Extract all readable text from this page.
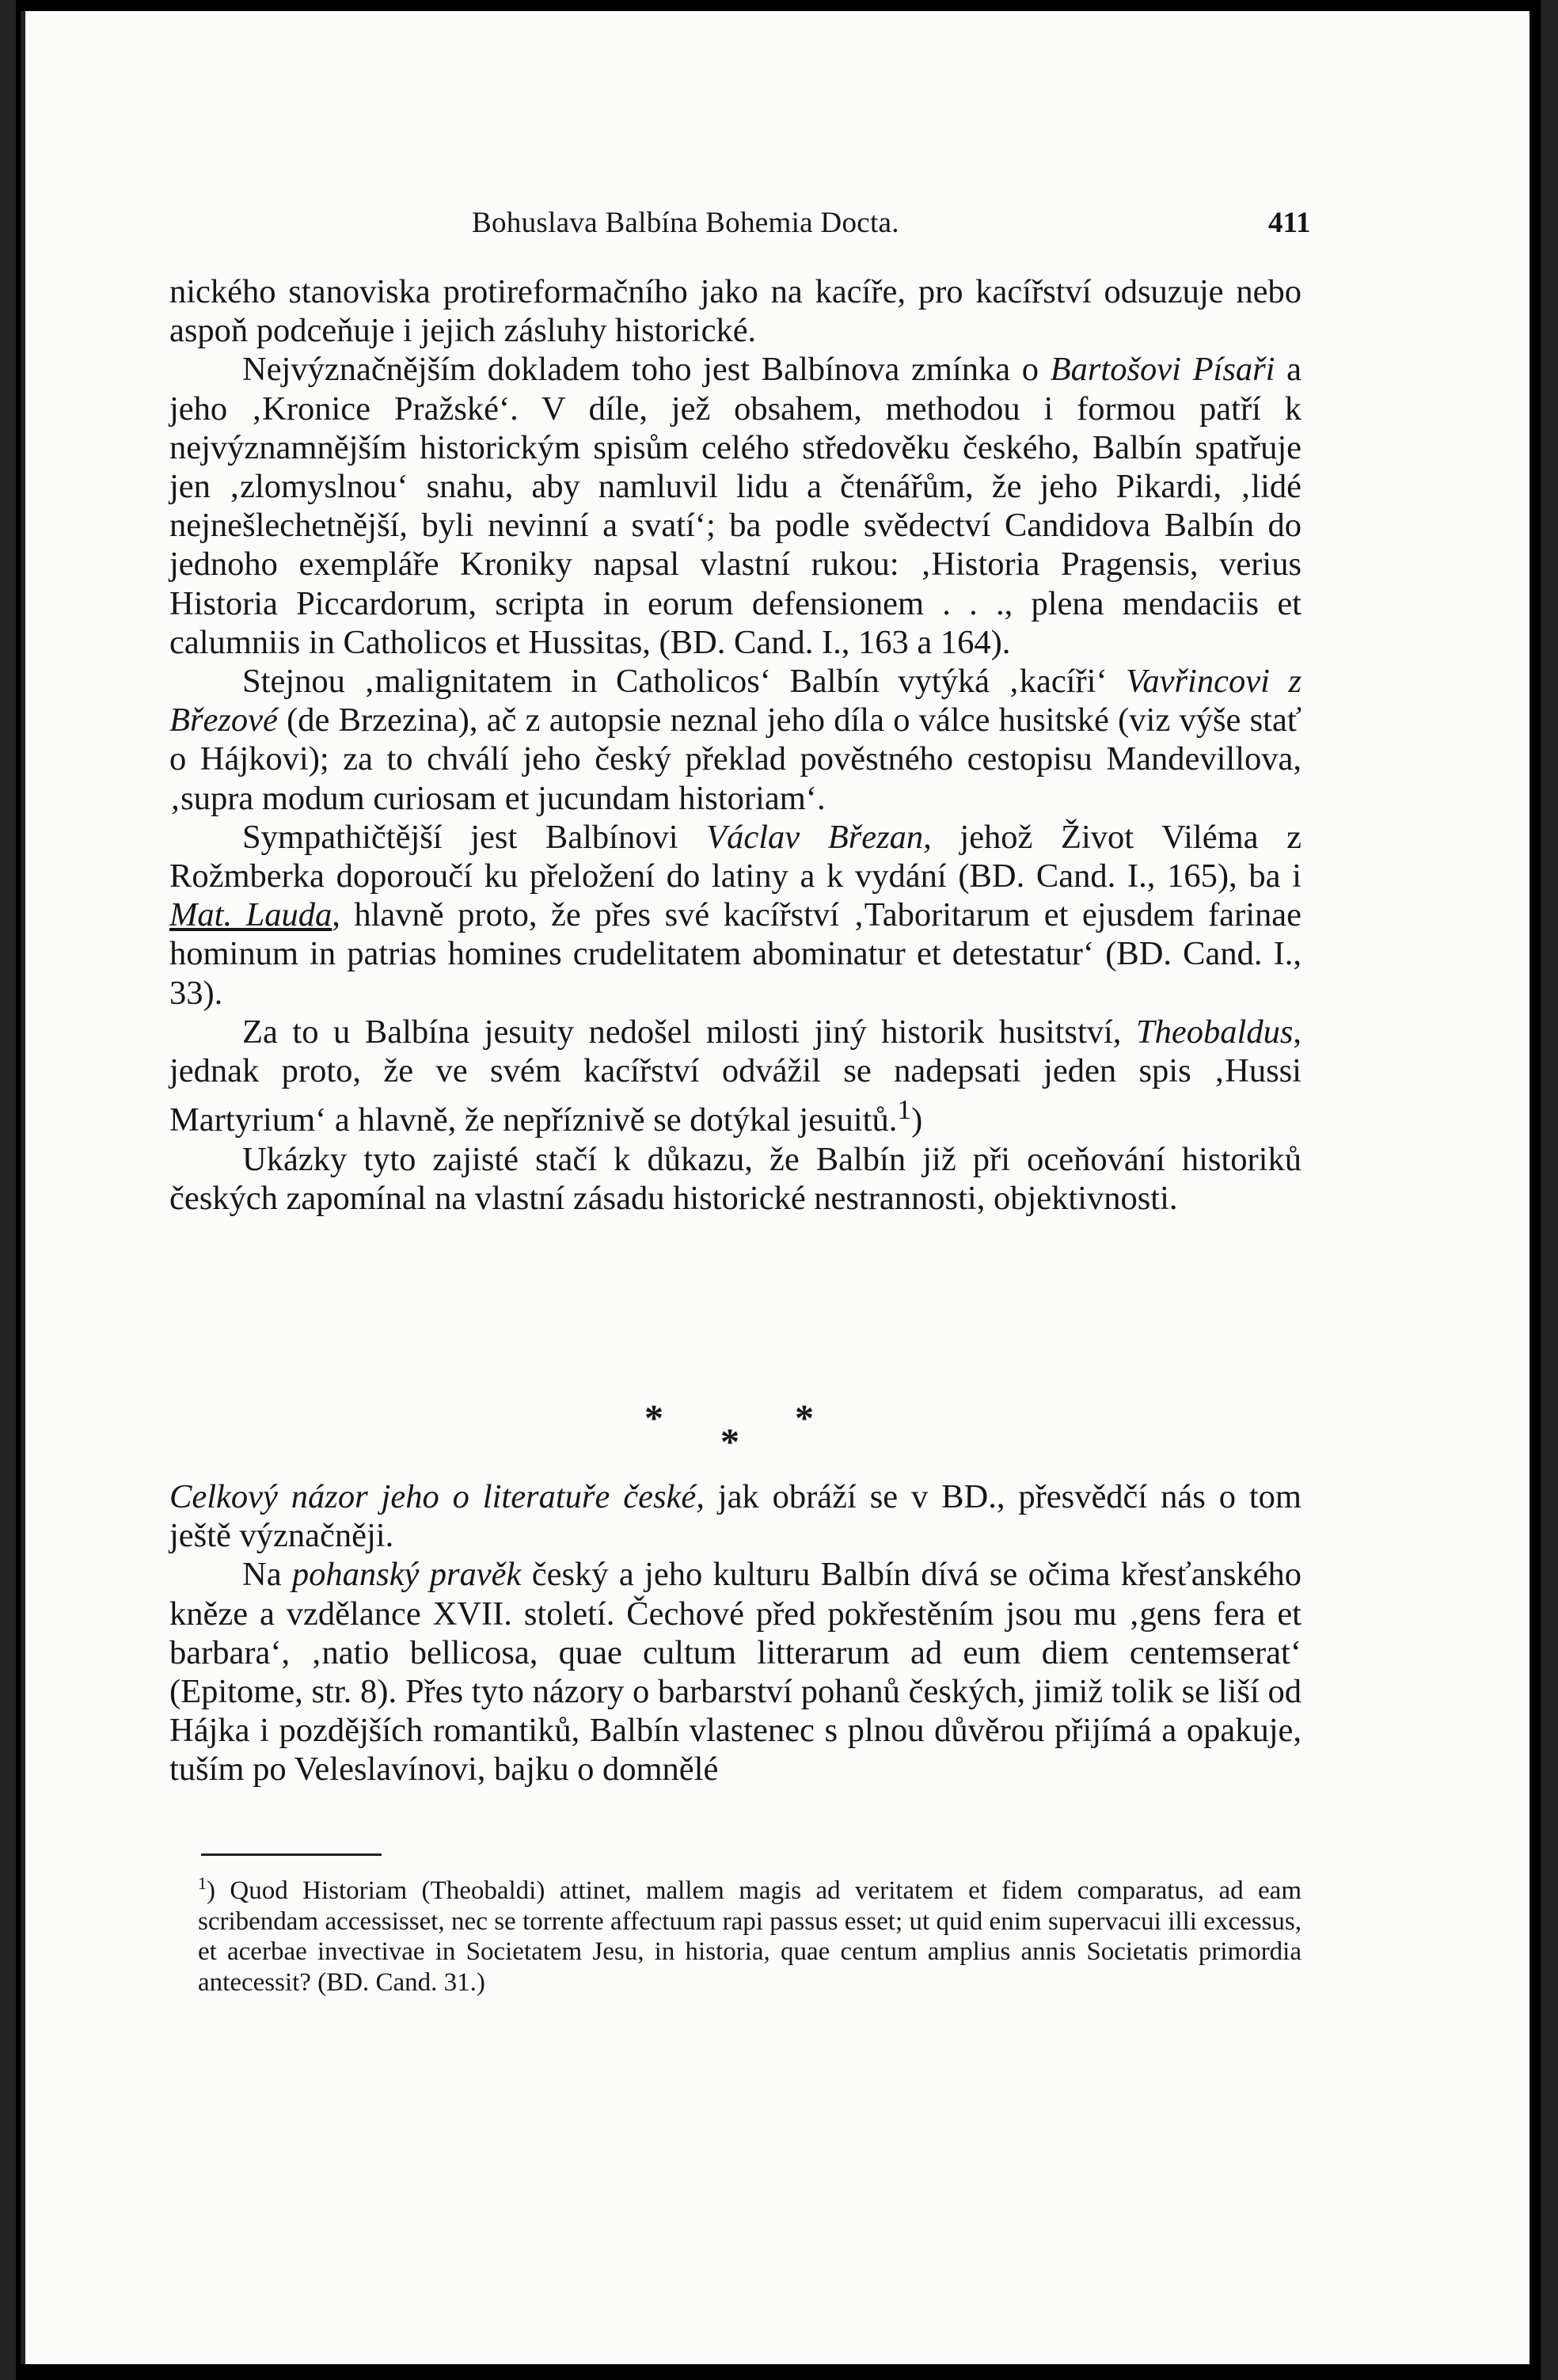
Bohuslava Balbína Bohemia Docta.	411

nického stanoviska protireformačního jako na kacíře, pro kacířství odsuzuje nebo aspoň podceňuje i jejich zásluhy historické.

Nejvýznačnějším dokladem toho jest Balbínova zmínka o Bartošovi Písaři a jeho ‚Kronice Pražské‘. V díle, jež obsahem, methodou i formou patří k nejvýznamnějším historickým spisům celého středověku českého, Balbín spatřuje jen ‚zlomyslnou‘ snahu, aby namluvil lidu a čtenářům, že jeho Pikardi, ‚lidé nejnešlechetnější, byli nevinní a svatí‘; ba podle svědectví Candidova Balbín do jednoho exempláře Kroniky napsal vlastní rukou: ‚Historia Pragensis, verius Historia Piccardorum, scripta in eorum defensionem . . ., plena mendaciis et calumniis in Catholicos et Hussitas, (BD. Cand. I., 163 a 164).

Stejnou ‚malignitatem in Catholicos‘ Balbín vytýká ‚kacíři‘ Vavřincovi z Březové (de Brzezina), ač z autopsie neznal jeho díla o válce husitské (viz výše stať o Hájkovi); za to chválí jeho český překlad pověstného cestopisu Mandevillova, ‚supra modum curiosam et jucundam historiam‘.

Sympathičtější jest Balbínovi Václav Březan, jehož Život Viléma z Rožmberka doporoučí ku přeložení do latiny a k vydání (BD. Cand. I., 165), ba i Mat. Lauda, hlavně proto, že přes své kacířství ‚Taboritarum et ejusdem farinae hominum in patrias homines crudelitatem abominatur et detestatur‘ (BD. Cand. I., 33).

Za to u Balbína jesuity nedošel milosti jiný historik husitství, Theobaldus, jednak proto, že ve svém kacířství odvážil se nadepsati jeden spis ‚Hussi Martyrium‘ a hlavně, že nepříznivě se dotýkal jesuitů.$^1$)

Ukázky tyto zajisté stačí k důkazu, že Balbín již při oceňování historiků českých zapomínal na vlastní zásadu historické nestrannosti, objektivnosti.

*
*
*

Celkový názor jeho o literatuře české, jak obráží se v BD., přesvědčí nás o tom ještě význačněji.

Na pohanský pravěk český a jeho kulturu Balbín dívá se očima křesťanského kněze a vzdělance XVII. století. Čechové před pokřestěním jsou mu ‚gens fera et barbara‘, ‚natio bellicosa, quae cultum litterarum ad eum diem centemserat‘ (Epitome, str. 8). Přes tyto názory o barbarství pohanů českých, jimiž tolik se liší od Hájka i pozdějších romantiků, Balbín vlastenec s plnou důvěrou přijímá a opakuje, tuším po Veleslavínovi, bajku o domnělé

$^1$) Quod Historiam (Theobaldi) attinet, mallem magis ad veritatem et fidem comparatus, ad eam scribendam accessisset, nec se torrente affectuum rapi passus esset; ut quid enim supervacui illi excessus, et acerbae invectivae in Societatem Jesu, in historia, quae centum amplius annis Societatis primordia antecessit? (BD. Cand. 31.)
